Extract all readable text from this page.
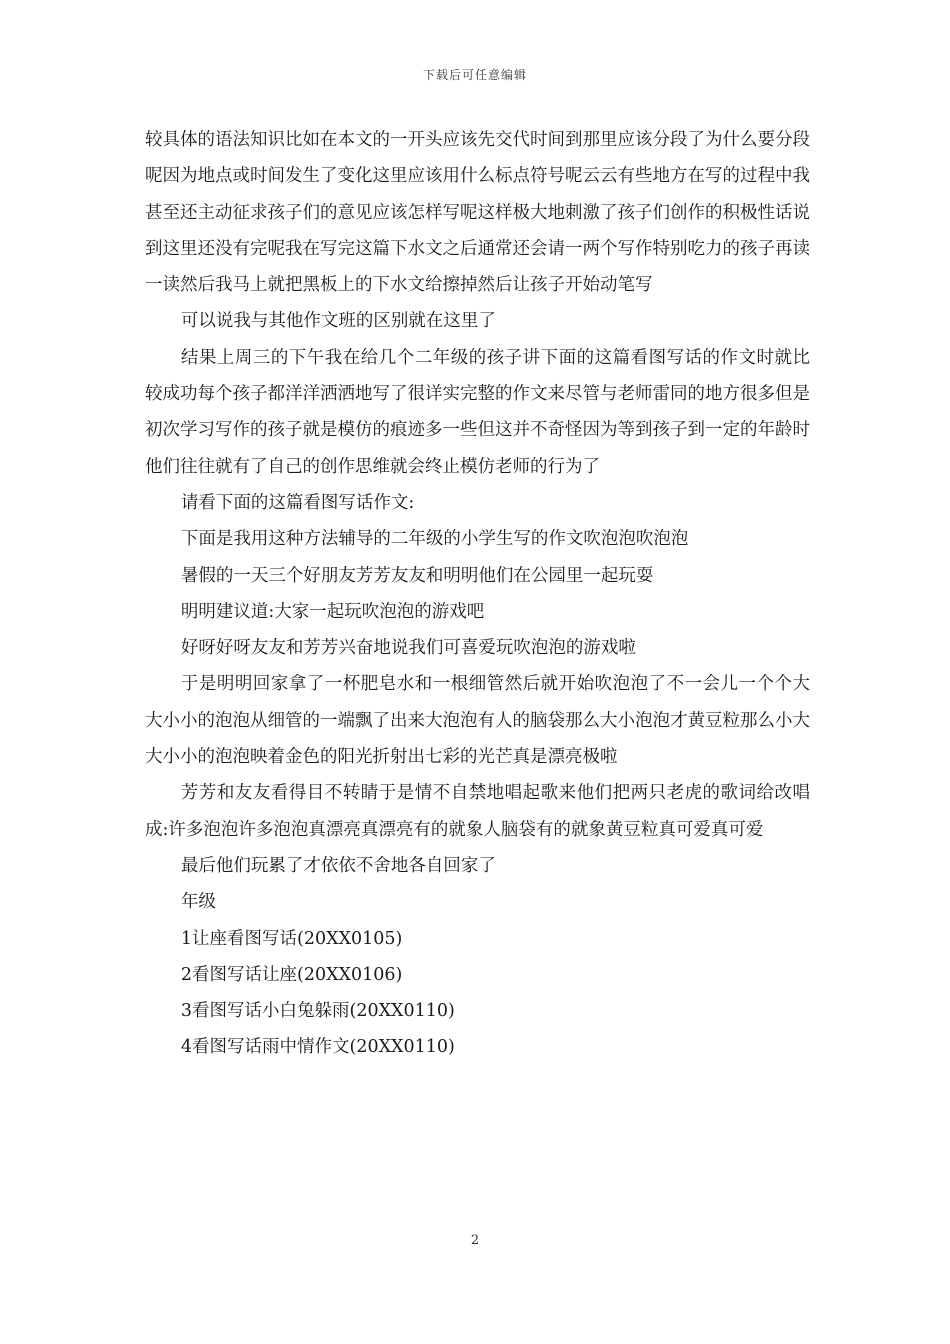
下载后可任意编辑

较具体的语法知识比如在本文的一开头应该先交代时间到那里应该分段了为什么要分段呢因为地点或时间发生了变化这里应该用什么标点符号呢云云有些地方在写的过程中我甚至还主动征求孩子们的意见应该怎样写呢这样极大地刺激了孩子们创作的积极性话说到这里还没有完呢我在写完这篇下水文之后通常还会请一两个写作特别吃力的孩子再读一读然后我马上就把黑板上的下水文给擦掉然后让孩子开始动笔写

可以说我与其他作文班的区别就在这里了

结果上周三的下午我在给几个二年级的孩子讲下面的这篇看图写话的作文时就比较成功每个孩子都洋洋洒洒地写了很详实完整的作文来尽管与老师雷同的地方很多但是初次学习写作的孩子就是模仿的痕迹多一些但这并不奇怪因为等到孩子到一定的年龄时他们往往就有了自己的创作思维就会终止模仿老师的行为了

请看下面的这篇看图写话作文:

下面是我用这种方法辅导的二年级的小学生写的作文吹泡泡吹泡泡

暑假的一天三个好朋友芳芳友友和明明他们在公园里一起玩耍

明明建议道:大家一起玩吹泡泡的游戏吧

好呀好呀友友和芳芳兴奋地说我们可喜爱玩吹泡泡的游戏啦

于是明明回家拿了一杯肥皂水和一根细管然后就开始吹泡泡了不一会儿一个个大大小小的泡泡从细管的一端飘了出来大泡泡有人的脑袋那么大小泡泡才黄豆粒那么小大大小小的泡泡映着金色的阳光折射出七彩的光芒真是漂亮极啦

芳芳和友友看得目不转睛于是情不自禁地唱起歌来他们把两只老虎的歌词给改唱成:许多泡泡许多泡泡真漂亮真漂亮有的就象人脑袋有的就象黄豆粒真可爱真可爱

最后他们玩累了才依依不舍地各自回家了

年级

1让座看图写话(20XX0105)

2看图写话让座(20XX0106)

3看图写话小白兔躲雨(20XX0110)

4看图写话雨中情作文(20XX0110)

2
